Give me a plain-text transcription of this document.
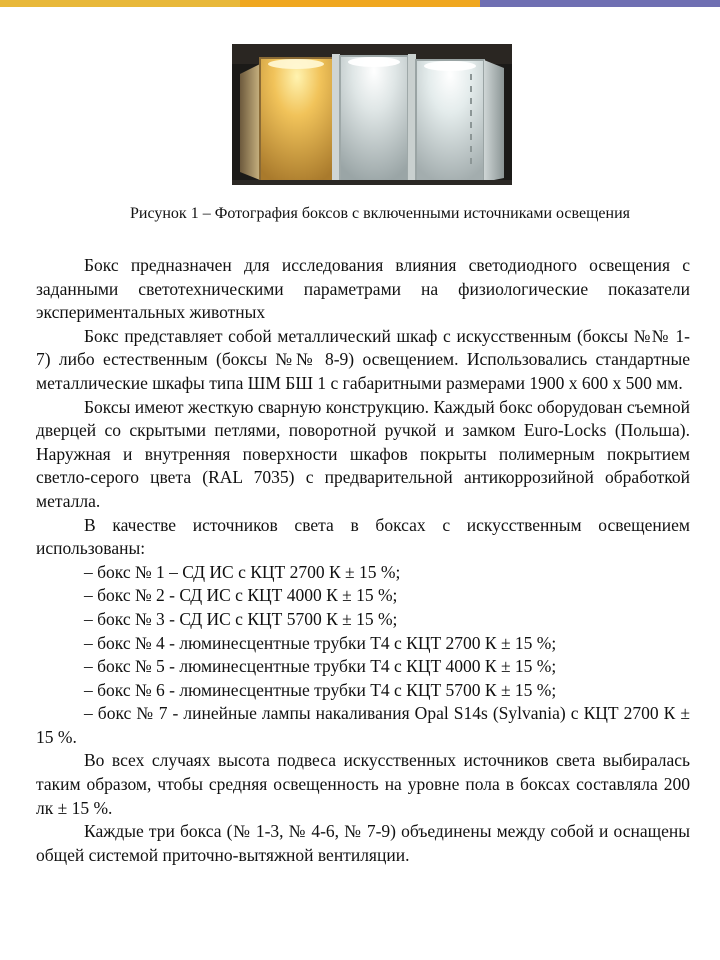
Рисунок 1 – Фотография боксов с включенными источниками освещения

Бокс предназначен для исследования влияния светодиодного освещения с заданными светотехническими параметрами на физиологические показатели экспериментальных животных

Бокс представляет собой металлический шкаф с искусственным (боксы №№ 1-7) либо естественным (боксы №№ 8-9) освещением. Использовались стандартные металлические шкафы типа ШМ БШ 1 с габаритными размерами 1900 х 600 х 500 мм.

Боксы имеют жесткую сварную конструкцию. Каждый бокс оборудован съемной дверцей со скрытыми петлями, поворотной ручкой и замком Euro-Locks (Польша). Наружная и внутренняя поверхности шкафов покрыты полимерным покрытием светло-серого цвета (RAL 7035) с предварительной антикоррозийной обработкой металла.

В качестве источников света в боксах с искусственным освещением использованы:

– бокс № 1 – СД ИС с КЦТ 2700 К ± 15 %;

– бокс № 2 - СД ИС с КЦТ 4000 К ± 15 %;

– бокс № 3 - СД ИС с КЦТ 5700 К ± 15 %;

– бокс № 4 - люминесцентные трубки Т4 с КЦТ 2700 К ± 15 %;

– бокс № 5 - люминесцентные трубки Т4 с КЦТ 4000 К ± 15 %;

– бокс № 6 - люминесцентные трубки Т4 с КЦТ 5700 К ± 15 %;

– бокс № 7 - линейные лампы накаливания Opal S14s (Sylvania) с КЦТ 2700 К ± 15 %.

Во всех случаях высота подвеса искусственных источников света выбиралась таким образом, чтобы средняя освещенность на уровне пола в боксах составляла 200 лк ± 15 %.

Каждые три бокса (№ 1-3, № 4-6, № 7-9) объединены между собой и оснащены общей системой приточно-вытяжной вентиляции.
